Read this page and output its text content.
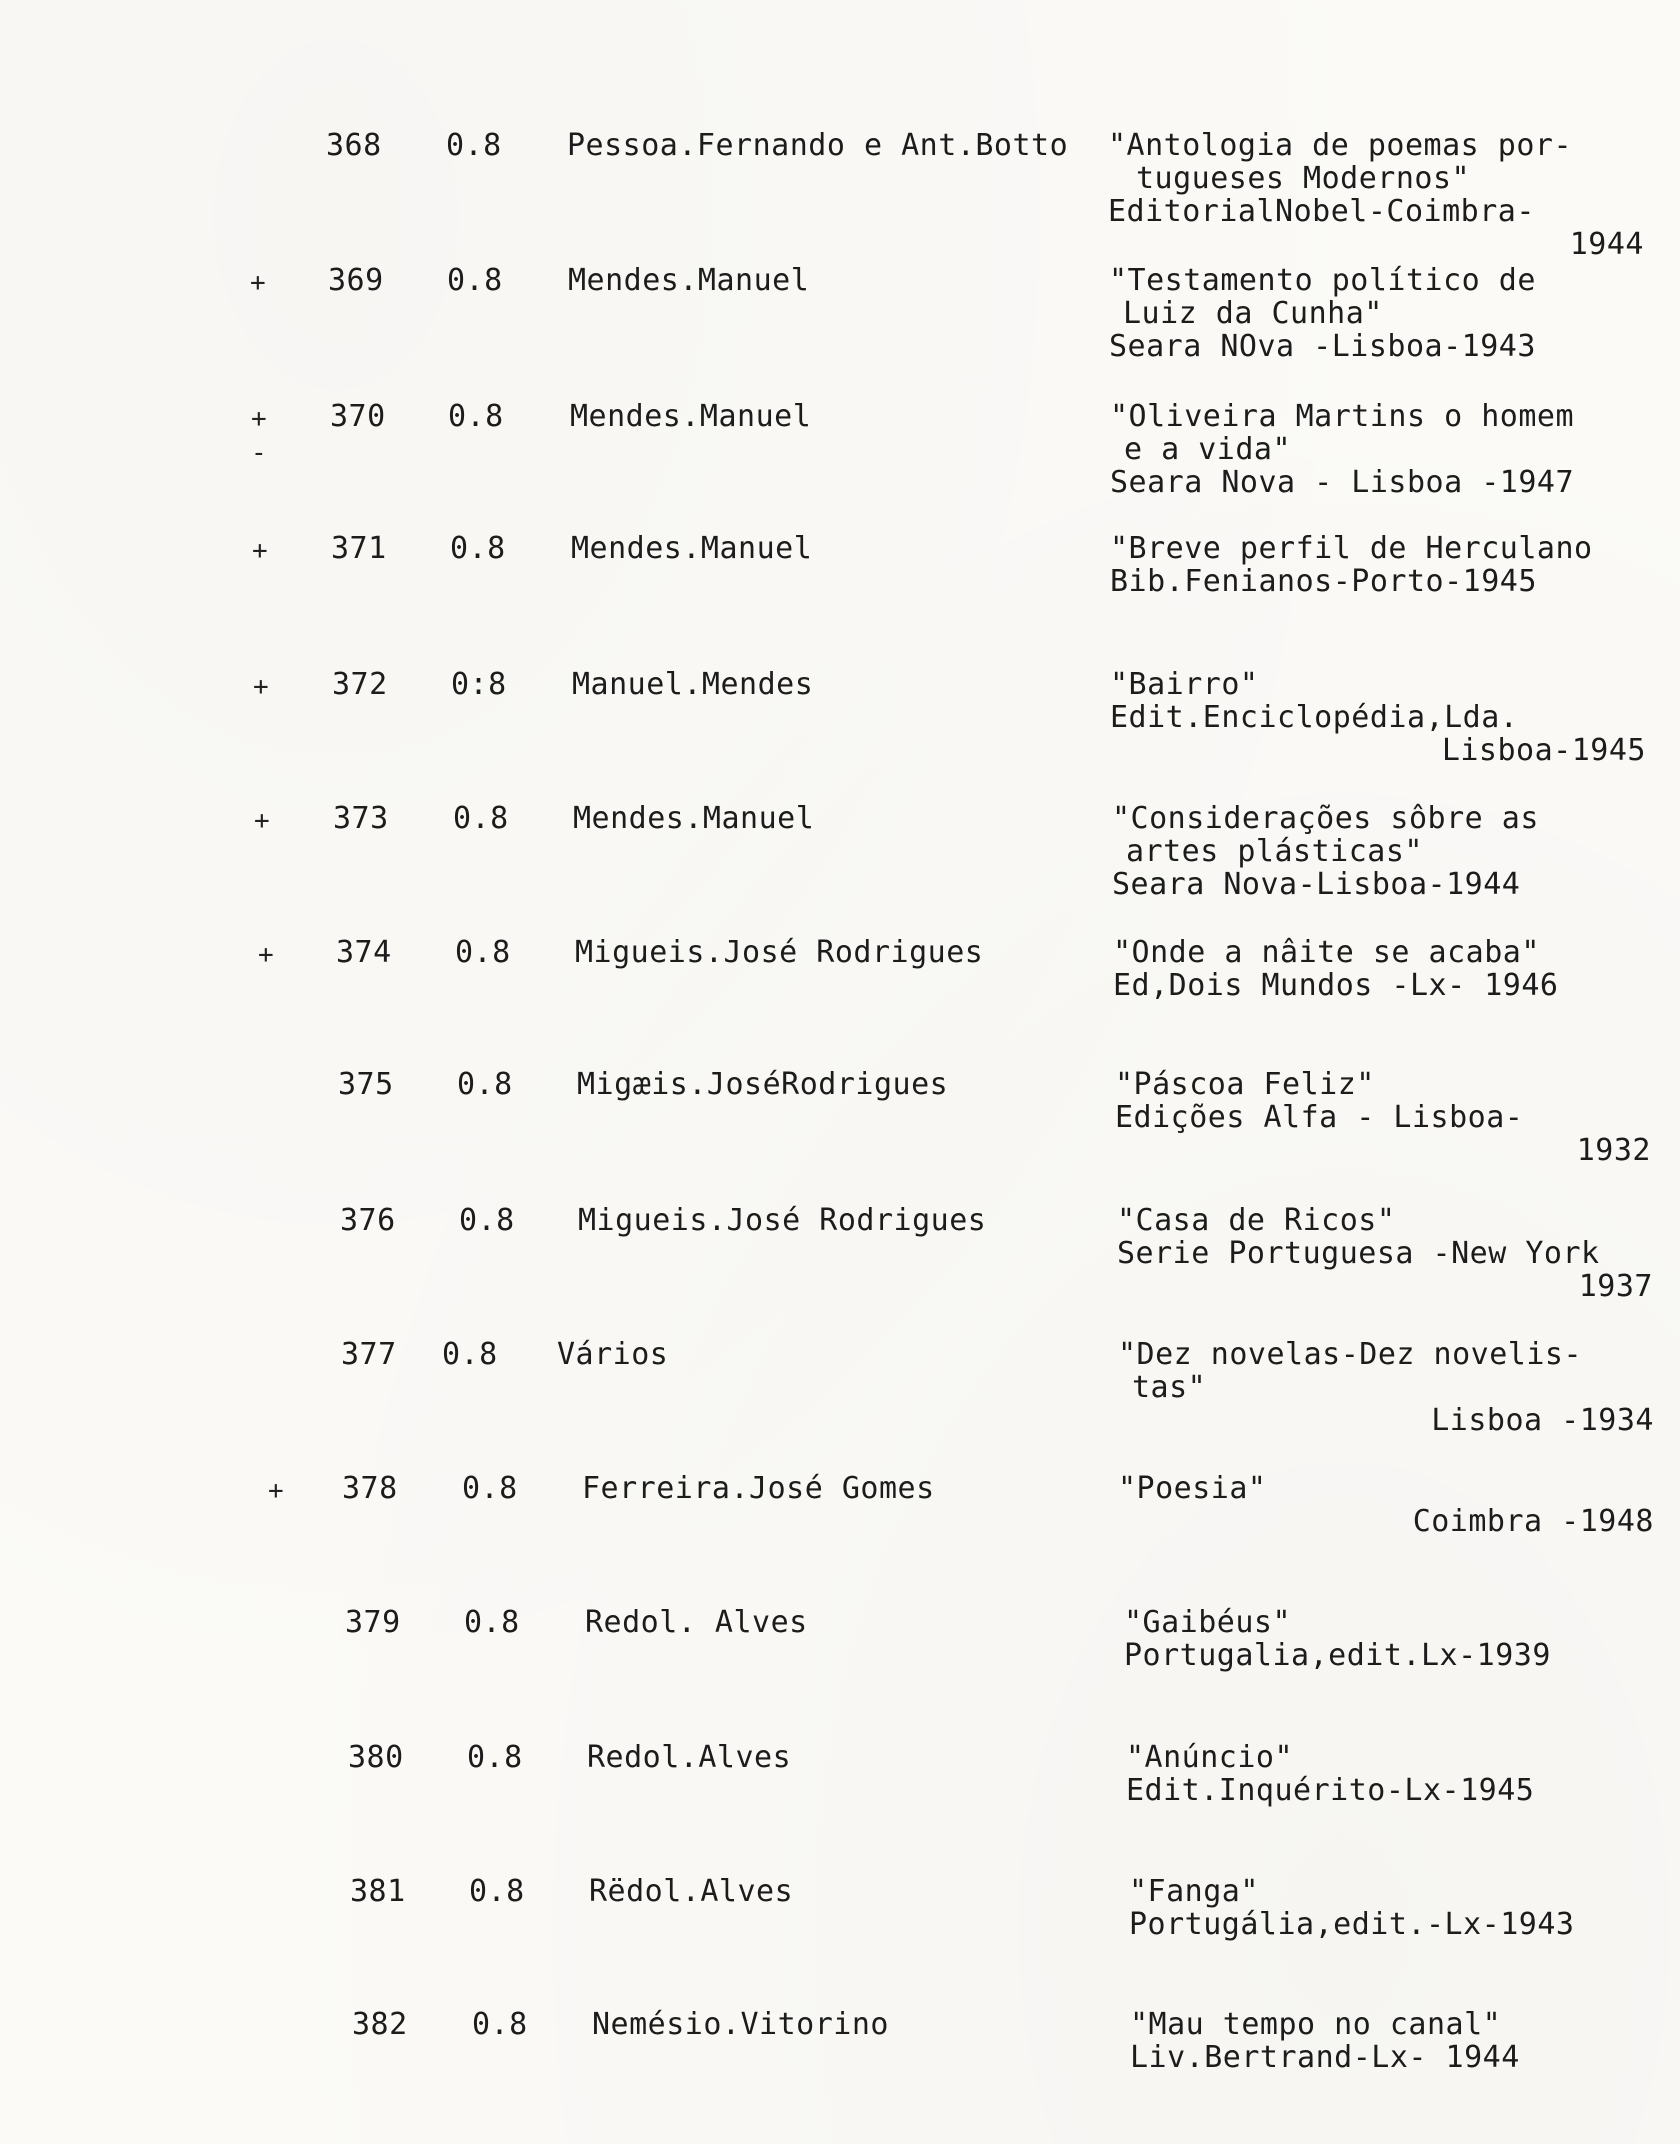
368	0.8	Pessoa.Fernando e Ant.Botto "Antologia de poemas por-
tugueses Modernos"
EditorialNobel-Coimbra-
1944
+ 369	0.8	Mendes.Manuel	"Testamento político de
Luiz da Cunha"
Seara NOva -Lisboa-1943
+
-
370	0.8	Mendes.Manuel	"Oliveira Martins o homem
e a vida"
Seara Nova - Lisboa -1947
+ 371	0.8	Mendes.Manuel	"Breve perfil de Herculano
Bib.Fenianos-Porto-1945
+ 372	0:8	Manuel.Mendes	"Bairro"
Edit.Enciclopédia,Lda.
Lisboa-1945
+ 373	0.8	Mendes.Manuel	"Considerações sôbre as
artes plásticas"
Seara Nova-Lisboa-1944
+ 374	0.8	Migueis.José Rodrigues	"Onde a nâite se acaba"
Ed,Dois Mundos -Lx- 1946
375	0.8	Migæis.JoséRodrigues	"Páscoa Feliz"
Edições Alfa - Lisboa-
1932
376	0.8	Migueis.José Rodrigues	"Casa de Ricos"
Serie Portuguesa -New York
1937
377	0.8	Vários	"Dez novelas-Dez novelis-
tas"
Lisboa -1934
+ 378	0.8	Ferreira.José Gomes	"Poesia"
Coimbra -1948
379	0.8	Redol. Alves	"Gaibéus"
Portugalia,edit.Lx-1939
380	0.8	Redol.Alves	"Anúncio"
Edit.Inquérito-Lx-1945
381	0.8	Rëdol.Alves	"Fanga"
Portugália,edit.-Lx-1943
382	0.8	Nemésio.Vitorino	"Mau tempo no canal"
Liv.Bertrand-Lx- 1944
